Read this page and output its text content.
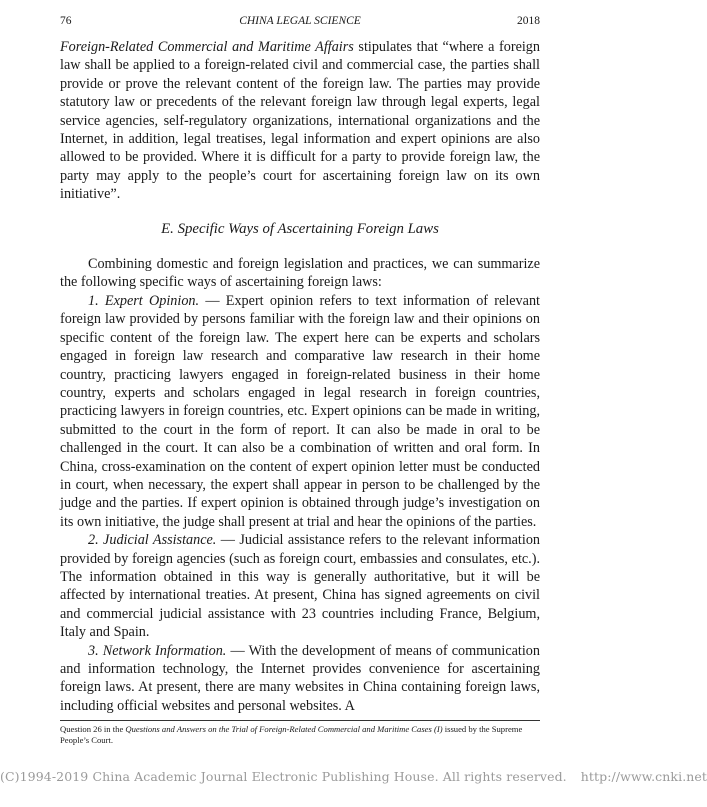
76	CHINA LEGAL SCIENCE	2018

Foreign-Related Commercial and Maritime Affairs stipulates that “where a foreign law shall be applied to a foreign-related civil and commercial case, the parties shall provide or prove the relevant content of the foreign law. The parties may provide statutory law or precedents of the relevant foreign law through legal experts, legal service agencies, self-regulatory organizations, international organizations and the Internet, in addition, legal treatises, legal information and expert opinions are also allowed to be provided. Where it is difficult for a party to provide foreign law, the party may apply to the people’s court for ascertaining foreign law on its own initiative”.

E. Specific Ways of Ascertaining Foreign Laws

Combining domestic and foreign legislation and practices, we can summarize the following specific ways of ascertaining foreign laws:

1. Expert Opinion. — Expert opinion refers to text information of relevant foreign law provided by persons familiar with the foreign law and their opinions on specific content of the foreign law. The expert here can be experts and scholars engaged in foreign law research and comparative law research in their home country, practicing lawyers engaged in foreign-related business in their home country, experts and scholars engaged in legal research in foreign countries, practicing lawyers in foreign countries, etc. Expert opinions can be made in writing, submitted to the court in the form of report. It can also be made in oral to be challenged in the court. It can also be a combination of written and oral form. In China, cross-examination on the content of expert opinion letter must be conducted in court, when necessary, the expert shall appear in person to be challenged by the judge and the parties. If expert opinion is obtained through judge’s investigation on its own initiative, the judge shall present at trial and hear the opinions of the parties.

2. Judicial Assistance. — Judicial assistance refers to the relevant information provided by foreign agencies (such as foreign court, embassies and consulates, etc.). The information obtained in this way is generally authoritative, but it will be affected by international treaties. At present, China has signed agreements on civil and commercial judicial assistance with 23 countries including France, Belgium, Italy and Spain.

3. Network Information. — With the development of means of communication and information technology, the Internet provides convenience for ascertaining foreign laws. At present, there are many websites in China containing foreign laws, including official websites and personal websites. A

Question 26 in the Questions and Answers on the Trial of Foreign-Related Commercial and Maritime Cases (I) issued by the Supreme People’s Court.
(C)1994-2019 China Academic Journal Electronic Publishing House. All rights reserved. http://www.cnki.net
